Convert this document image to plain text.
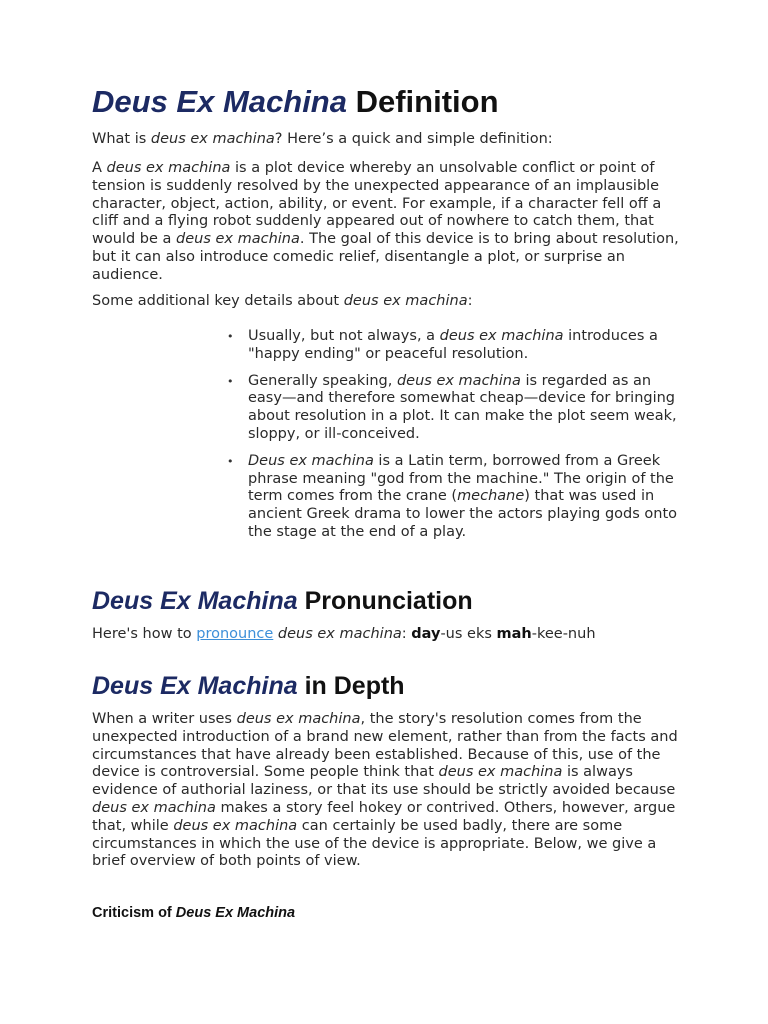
Deus Ex Machina Definition

What is deus ex machina? Here’s a quick and simple definition:

A deus ex machina is a plot device whereby an unsolvable conflict or point of tension is suddenly resolved by the unexpected appearance of an implausible character, object, action, ability, or event. For example, if a character fell off a cliff and a flying robot suddenly appeared out of nowhere to catch them, that would be a deus ex machina. The goal of this device is to bring about resolution, but it can also introduce comedic relief, disentangle a plot, or surprise an audience.

Some additional key details about deus ex machina:

• Usually, but not always, a deus ex machina introduces a "happy ending" or peaceful resolution.
• Generally speaking, deus ex machina is regarded as an easy—and therefore somewhat cheap—device for bringing about resolution in a plot. It can make the plot seem weak, sloppy, or ill-conceived.
• Deus ex machina is a Latin term, borrowed from a Greek phrase meaning "god from the machine." The origin of the term comes from the crane (mechane) that was used in ancient Greek drama to lower the actors playing gods onto the stage at the end of a play.
Deus Ex Machina Pronunciation

Here's how to pronounce deus ex machina: day-us eks mah-kee-nuh

Deus Ex Machina in Depth

When a writer uses deus ex machina, the story's resolution comes from the unexpected introduction of a brand new element, rather than from the facts and circumstances that have already been established. Because of this, use of the device is controversial. Some people think that deus ex machina is always evidence of authorial laziness, or that its use should be strictly avoided because deus ex machina makes a story feel hokey or contrived. Others, however, argue that, while deus ex machina can certainly be used badly, there are some circumstances in which the use of the device is appropriate. Below, we give a brief overview of both points of view.

Criticism of Deus Ex Machina
